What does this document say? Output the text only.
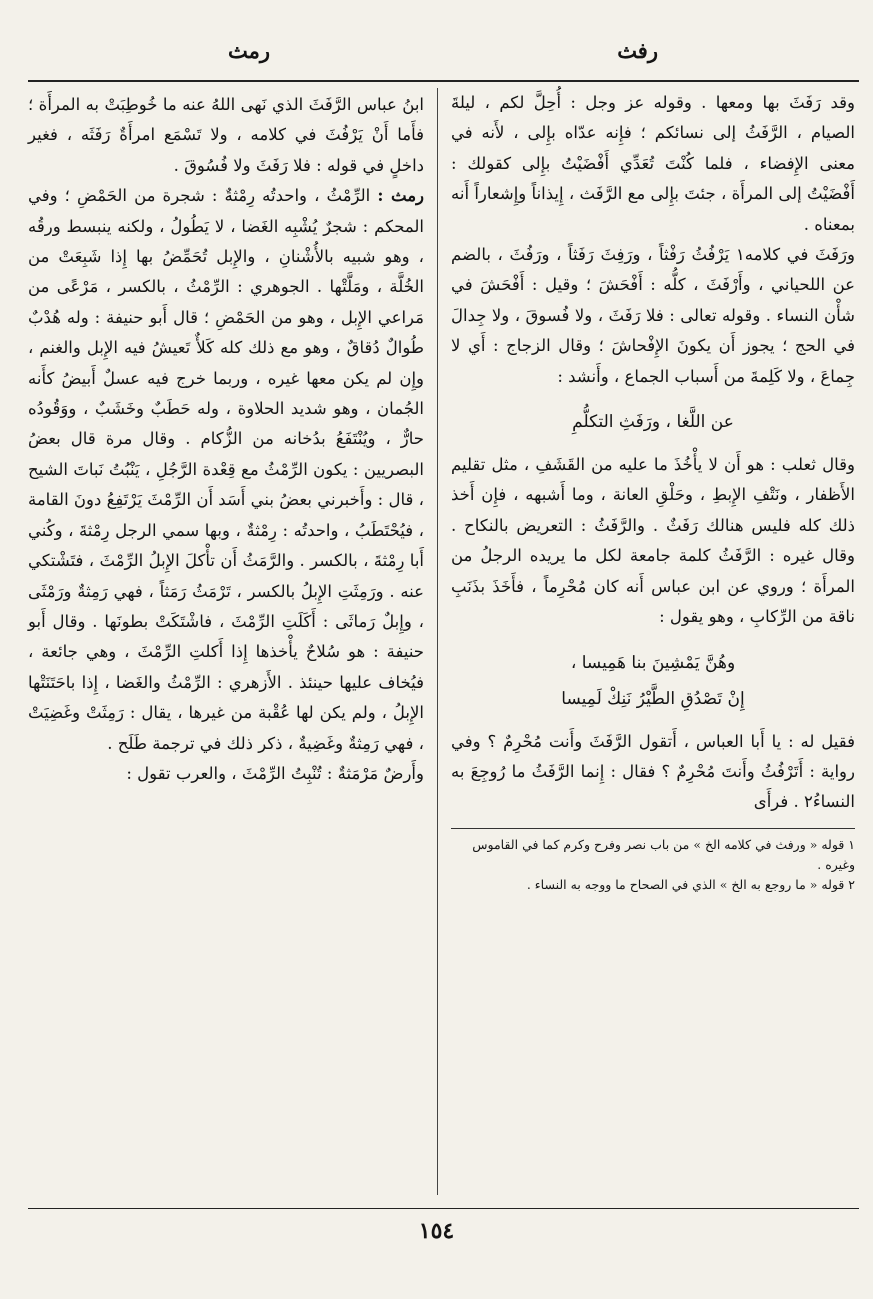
رفث
رمث

وقد رَفَثَ بها ومعها . وقوله عز وجل : أُحِلَّ لكم ، ليلةَ الصيام ، الرَّفَثُ إلى نسائكم ؛ فإِنه عدّاه بإِلى ، لأَنه في معنى الإِفضاء ، فلما كُنْتَ تُعَدِّي أَفْضَيْتُ بإِلى كقولك : أَفْضَيْتُ إلى المرأَة ، جئتَ بإِلى مع الرَّفَث ، إِيذاناً وإِشعاراً أَنه بمعناه .

ورَفَثَ في كلامه١ يَرْفُثُ رَفْثاً ، ورَفِثَ رَفَثاً ، ورَفُثَ ، بالضم عن اللحياني ، وأَرْفَثَ ، كلُّه : أَفْحَشَ ؛ وقيل : أَفْحَشَ في شأْن النساء . وقوله تعالى : فلا رَفَثَ ، ولا فُسوقَ ، ولا جِدالَ في الحج ؛ يجوز أَن يكونَ الإِفْحاشَ ؛ وقال الزجاج : أَي لا جِماعَ ، ولا كَلِمةَ من أَسباب الجماع ، وأَنشد :

عن اللَّغا ، ورَفَثِ التكلُّمِ

وقال ثعلب : هو أَن لا يأْخُذَ ما عليه من القَشَفِ ، مثل تقليم الأَظفار ، ونَتْفِ الإِبطِ ، وحَلْقِ العانة ، وما أَشبهه ، فإِن أَخذ ذلك كله فليس هنالك رَفَثٌ . والرَّفَثُ : التعريض بالنكاح . وقال غيره : الرَّفَثُ كلمة جامعة لكل ما يريده الرجلُ من المرأَة ؛ وروي عن ابن عباس أَنه كان مُحْرِماً ، فأَخَذَ بذَنَبِ ناقة من الرِّكابِ ، وهو يقول :

وهُنَّ يَمْشِينَ بنا هَمِيسا ،

إِنْ تَصْدُقِ الطَّيْرُ نَنِكْ لَمِيسا

فقيل له : يا أَبا العباس ، أَتقول الرَّفَثَ وأَنت مُحْرِمٌ ؟ وفي رواية : أَتَرْفُثُ وأَنتَ مُحْرِمٌ ؟ فقال : إِنما الرَّفَثُ ما رُوجِعَ به النساءُ٢ . فرأَى

١ قوله « ورفث في كلامه الخ » من باب نصر وفرح وكرم كما في القاموس وغيره .

٢ قوله « ما روجع به الخ » الذي في الصحاح ما ووجه به النساء .

ابنُ عباس الرَّفَثَ الذي نَهى اللهُ عنه ما خُوطِبَتْ به المرأَة ؛ فأَما أَنْ يَرْفُثَ في كلامه ، ولا تَسْمَع امرأَةٌ رَفَثَه ، فغير داخلٍ في قوله : فلا رَفَثَ ولا فُسُوقَ .

رمث : الرِّمْثُ ، واحدتُه رِمْثةٌ : شجرة من الحَمْضِ ؛ وفي المحكم : شجرٌ يُشْبِه الغَضا ، لا يَطُولُ ، ولكنه ينبسط ورقُه ، وهو شبيه بالأُشْنانِ ، والإِبل تُحَمِّضُ بها إِذا شَبِعَتْ من الخُلَّة ، ومَلَّتْها . الجوهري : الرِّمْثُ ، بالكسر ، مَرْعًى من مَراعي الإِبل ، وهو من الحَمْضِ ؛ قال أَبو حنيفة : وله هُدْبٌ طُوالٌ دُقاقٌ ، وهو مع ذلك كله كَلأٌ تَعيشُ فيه الإِبل والغنم ، وإِن لم يكن معها غيره ، وربما خرج فيه عسلٌ أَبيضُ كأَنه الجُمان ، وهو شديد الحلاوة ، وله حَطَبٌ وخَشَبٌ ، ووَقُودُه حارٌّ ، ويُنْتَفَعُ بدُخانه من الزُّكام . وقال مرة قال بعضُ البصريين : يكون الرِّمْثُ مع قِعْدة الرَّجُلِ ، يَنْبُتُ نَباتَ الشيح ، قال : وأَخبرني بعضُ بني أَسَد أَن الرِّمْثَ يَرْتَفِعُ دونَ القامة ، فيُحْتَطَبُ ، واحدتُه : رِمْثةٌ ، وبها سمي الرجل رِمْثةَ ، وكُني أَبا رِمْثةَ ، بالكسر . والرَّمَثُ أَن تأْكلَ الإِبلُ الرِّمْثَ ، فتَشْتكي عنه . ورَمِثَتِ الإِبلُ بالكسر ، تَرْمَثُ رَمَثاً ، فهي رَمِثةٌ ورَمْثَى ، وإِبلٌ رَماثَى : أَكَلَتِ الرِّمْثَ ، فاشْتَكَتْ بطونَها . وقال أَبو حنيفة : هو سُلاحٌ يأْخذها إِذا أَكلتِ الرِّمْثَ ، وهي جائعة ، فيُخاف عليها حينئذ . الأَزهري : الرِّمْثُ والغَضا ، إِذا باحَتَنَتْها الإِبلُ ، ولم يكن لها عُقْبة من غيرها ، يقال : رَمِثَتْ وغَضِيَتْ ، فهي رَمِثةٌ وغَضِيةٌ ، ذكر ذلك في ترجمة طَلَح .

وأَرضٌ مَرْمَثةٌ : تُنْبِتُ الرِّمْثَ ، والعرب تقول :

١٥٤
